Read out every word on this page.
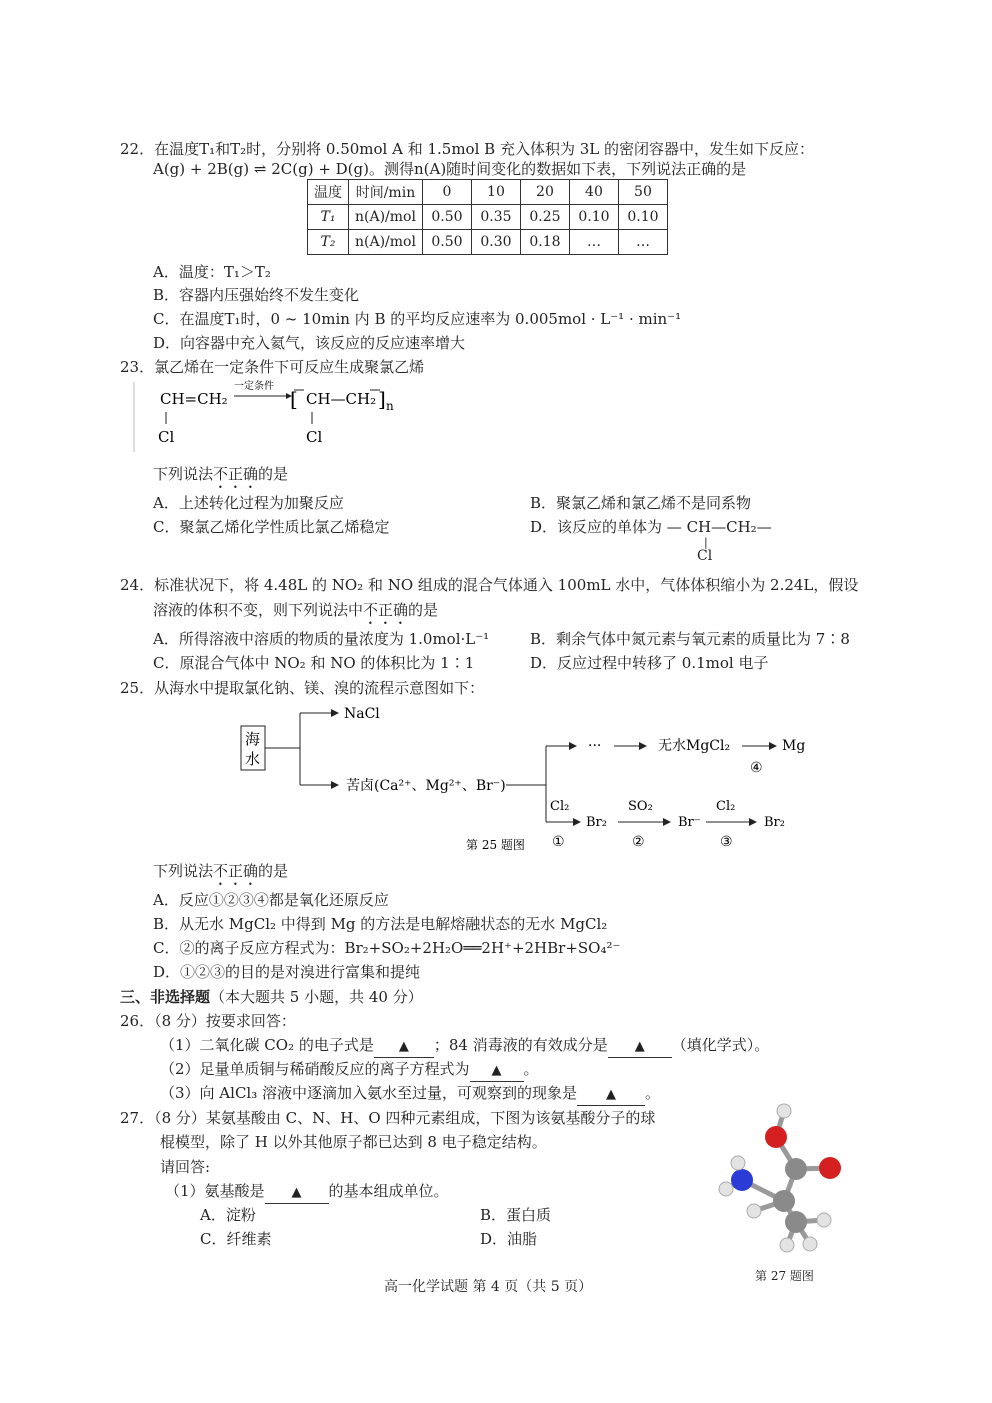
22．在温度T₁和T₂时，分别将 0.50mol A 和 1.5mol B 充入体积为 3L 的密闭容器中，发生如下反应：
A(g) + 2B(g) ⇌ 2C(g) + D(g)。测得n(A)随时间变化的数据如下表，下列说法正确的是
温度	时间/min	0	10	20	40	50
T₁	n(A)/mol	0.50	0.35	0.25	0.10	0.10
T₂	n(A)/mol	0.50	0.30	0.18	…	…
A．温度：T₁＞T₂
B．容器内压强始终不发生变化
C．在温度T₁时，0 ~ 10min 内 B 的平均反应速率为 0.005mol · L⁻¹ · min⁻¹
D．向容器中充入氦气，该反应的反应速率增大
23．氯乙烯在一定条件下可反应生成聚氯乙烯
CH=CH₂
Cl
一定条件
[ CH—CH₂
Cl
] n
下列说法不正确的是
A．上述转化过程为加聚反应	B．聚氯乙烯和氯乙烯不是同系物
C．聚氯乙烯化学性质比氯乙烯稳定	D．该反应的单体为 — CH—CH₂—
|
Cl
24．标准状况下，将 4.48L 的 NO₂ 和 NO 组成的混合气体通入 100mL 水中，气体体积缩小为 2.24L，假设
溶液的体积不变，则下列说法中不正确的是
A．所得溶液中溶质的物质的量浓度为 1.0mol·L⁻¹	B．剩余气体中氮元素与氧元素的质量比为 7∶8
C．原混合气体中 NO₂ 和 NO 的体积比为 1∶1	D．反应过程中转移了 0.1mol 电子
25．从海水中提取氯化钠、镁、溴的流程示意图如下：
海
水
NaCl
苦卤(Ca²⁺、Mg²⁺、Br⁻)
···	无水MgCl₂	Mg
④
Cl₂
Br₂
SO₂
Br⁻
Cl₂
Br₂
①	②	③
第 25 题图
下列说法不正确的是
A．反应①②③④都是氧化还原反应
B．从无水 MgCl₂ 中得到 Mg 的方法是电解熔融状态的无水 MgCl₂
C．②的离子反应方程式为：Br₂+SO₂+2H₂O══2H⁺+2HBr+SO₄²⁻
D．①②③的目的是对溴进行富集和提纯
三、非选择题（本大题共 5 小题，共 40 分）
26．（8 分）按要求回答：
（1）二氧化碳 CO₂ 的电子式是 ▲ ；84 消毒液的有效成分是 ▲ （填化学式）。
（2）足量单质铜与稀硝酸反应的离子方程式为 ▲ 。
（3）向 AlCl₃ 溶液中逐滴加入氨水至过量，可观察到的现象是 ▲ 。
27．（8 分）某氨基酸由 C、N、H、O 四种元素组成，下图为该氨基酸分子的球
棍模型，除了 H 以外其他原子都已达到 8 电子稳定结构。
请回答:
（1）氨基酸是 ▲ 的基本组成单位。
A．淀粉	B．蛋白质
C．纤维素	D．油脂
第 27 题图
高一化学试题 第 4 页（共 5 页）
